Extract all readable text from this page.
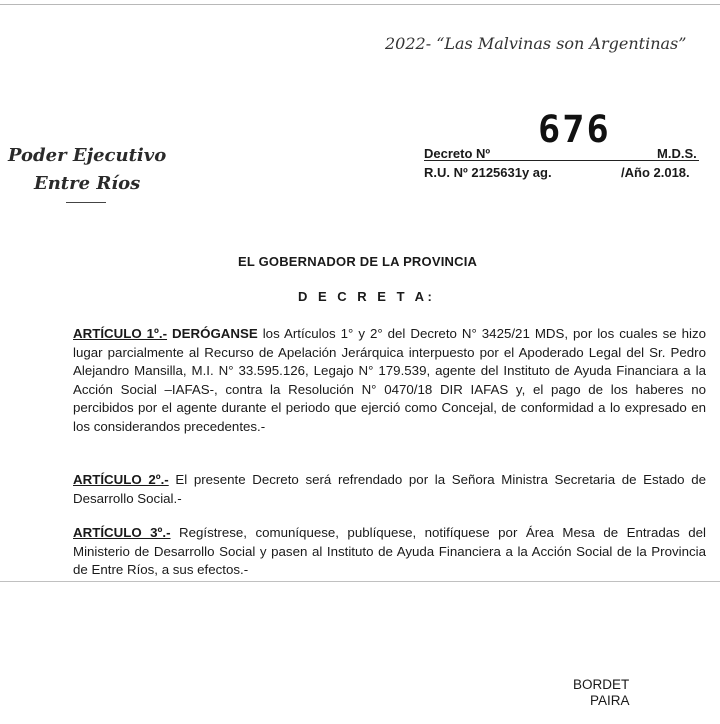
2022- “Las Malvinas son Argentinas”
Poder Ejecutivo
Entre Ríos
676
Decreto Nº	M.D.S.
R.U. Nº 2125631y ag.	/Año 2.018.
EL GOBERNADOR DE LA PROVINCIA
D E C R E T A:
ARTÍCULO 1º.- DERÓGANSE los Artículos 1° y 2° del Decreto N° 3425/21 MDS, por los cuales se hizo lugar parcialmente al Recurso de Apelación Jerárquica interpuesto por el Apoderado Legal del Sr. Pedro Alejandro Mansilla, M.I. N° 33.595.126, Legajo N° 179.539, agente del Instituto de Ayuda Financiara a la Acción Social –IAFAS-, contra la Resolución N° 0470/18 DIR IAFAS y, el pago de los haberes no percibidos por el agente durante el periodo que ejerció como Concejal, de conformidad a lo expresado en los considerandos precedentes.-
ARTÍCULO 2º.- El presente Decreto será refrendado por la Señora Ministra Secretaria de Estado de Desarrollo Social.-
ARTÍCULO 3º.- Regístrese, comuníquese, publíquese, notifíquese por Área Mesa de Entradas del Ministerio de Desarrollo Social y pasen al Instituto de Ayuda Financiera a la Acción Social de la Provincia de Entre Ríos, a sus efectos.-
BORDET
PAIRA
